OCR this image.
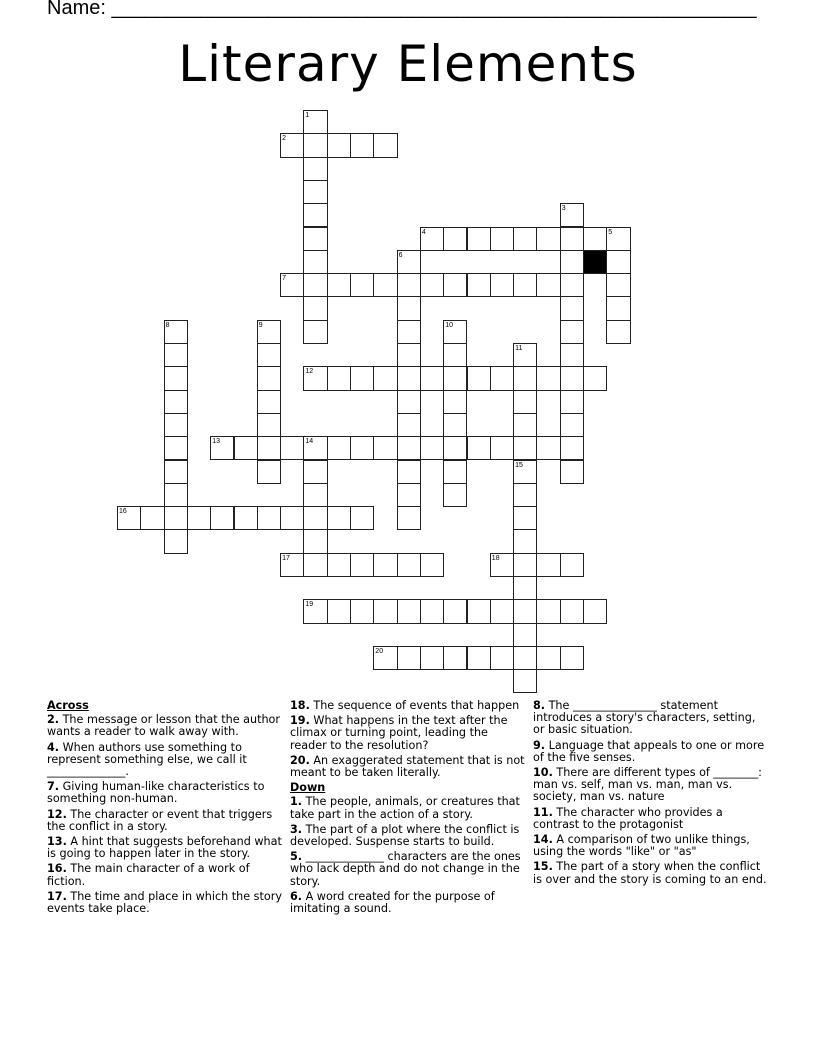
Name: __________________________________________________________
Literary Elements
1
2
3
4	5
6
7
8	9	10
11
12
13	14
15
16
17	18
19
20
Across
2. The message or lesson that the author wants a reader to walk away with.
4. When authors use something to represent something else, we call it ______________.
7. Giving human-like characteristics to something non-human.
12. The character or event that triggers the conflict in a story.
13. A hint that suggests beforehand what is going to happen later in the story.
16. The main character of a work of fiction.
17. The time and place in which the story events take place.
18. The sequence of events that happen
19. What happens in the text after the climax or turning point, leading the reader to the resolution?
20. An exaggerated statement that is not meant to be taken literally.
Down
1. The people, animals, or creatures that take part in the action of a story.
3. The part of a plot where the conflict is developed. Suspense starts to build.
5. ______________ characters are the ones who lack depth and do not change in the story.
6. A word created for the purpose of imitating a sound.
8. The _______________ statement introduces a story's characters, setting, or basic situation.
9. Language that appeals to one or more of the five senses.
10. There are different types of ________: man vs. self, man vs. man, man vs. society, man vs. nature
11. The character who provides a contrast to the protagonist
14. A comparison of two unlike things, using the words "like" or "as"
15. The part of a story when the conflict is over and the story is coming to an end.
